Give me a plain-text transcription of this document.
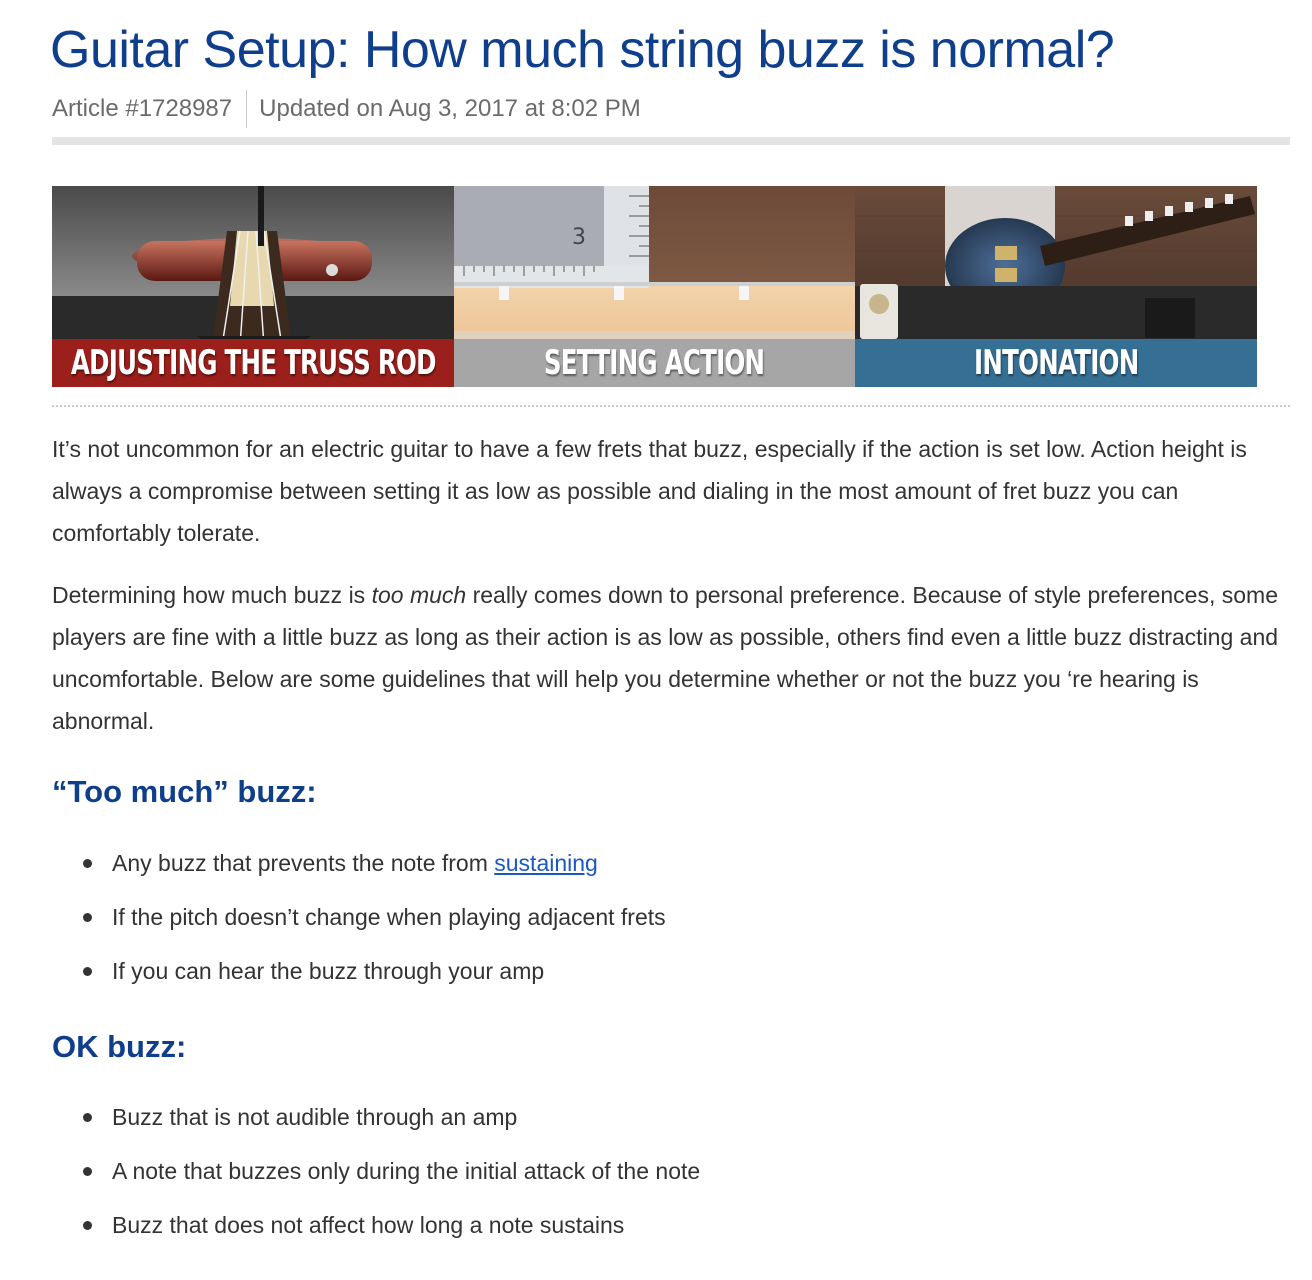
Guitar Setup: How much string buzz is normal?
Article #1728987 Updated on Aug 3, 2017 at 8:02 PM
ADJUSTING THE TRUSS ROD
3
SETTING ACTION	INTONATION

It’s not uncommon for an electric guitar to have a few frets that buzz, especially if the action is set low. Action height is always a compromise between setting it as low as possible and dialing in the most amount of fret buzz you can comfortably tolerate.

Determining how much buzz is too much really comes down to personal preference. Because of style preferences, some players are fine with a little buzz as long as their action is as low as possible, others find even a little buzz distracting and uncomfortable. Below are some guidelines that will help you determine whether or not the buzz you ‘re hearing is abnormal.

“Too much” buzz:
Any buzz that prevents the note from sustaining
If the pitch doesn’t change when playing adjacent frets
If you can hear the buzz through your amp
OK buzz:
Buzz that is not audible through an amp
A note that buzzes only during the initial attack of the note
Buzz that does not affect how long a note sustains
